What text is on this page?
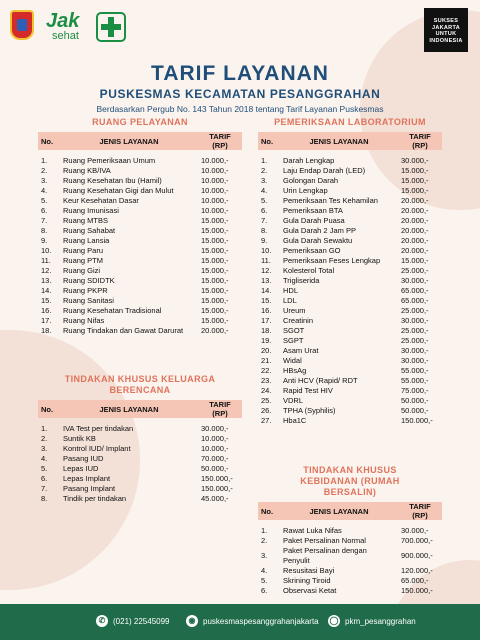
Jak
sehat
SUKSES
JAKARTA
UNTUK
INDONESIA
TARIF LAYANAN
PUSKESMAS KECAMATAN PESANGGRAHAN
Berdasarkan Pergub No. 143 Tahun 2018 tentang Tarif Layanan Puskesmas
RUANG PELAYANAN
No.	JENIS LAYANAN	TARIF (RP)
1.	Ruang Pemeriksaan Umum	10.000,-
2.	Ruang KB/IVA	10.000,-
3.	Ruang Kesehatan Ibu (Hamil)	10.000,-
4.	Ruang Kesehatan Gigi dan Mulut	10.000,-
5.	Keur Kesehatan Dasar	10.000,-
6.	Ruang Imunisasi	10.000,-
7.	Ruang MTBS	15.000,-
8.	Ruang Sahabat	15.000,-
9.	Ruang Lansia	15.000,-
10.	Ruang Paru	15.000,-
11.	Ruang PTM	15.000,-
12.	Ruang Gizi	15.000,-
13.	Ruang SDIDTK	15.000,-
14.	Ruang PKPR	15.000,-
15.	Ruang Sanitasi	15.000,-
16.	Ruang Kesehatan Tradisional	15.000,-
17.	Ruang Nifas	15.000,-
18.	Ruang Tindakan dan Gawat Darurat	20.000,-
TINDAKAN KHUSUS KELUARGA BERENCANA
No.	JENIS LAYANAN	TARIF (RP)
1.	IVA Test per tindakan	30.000,-
2.	Suntik KB	10.000,-
3.	Kontrol IUD/ Implant	10.000,-
4.	Pasang IUD	70.000,-
5.	Lepas IUD	50.000,-
6.	Lepas Implant	150.000,-
7.	Pasang Implant	150.000,-
8.	Tindik per tindakan	45.000,-
PEMERIKSAAN LABORATORIUM
No.	JENIS LAYANAN	TARIF (RP)
1.	Darah Lengkap	30.000,-
2.	Laju Endap Darah (LED)	15.000,-
3.	Golongan Darah	15.000,-
4.	Urin Lengkap	15.000,-
5.	Pemeriksaan Tes Kehamilan	20.000,-
6.	Pemeriksaan BTA	20.000,-
7.	Gula Darah Puasa	20.000,-
8.	Gula Darah 2 Jam PP	20.000,-
9.	Gula Darah Sewaktu	20.000,-
10.	Pemeriksaan GO	20.000,-
11.	Pemeriksaan Feses Lengkap	15.000,-
12.	Kolesterol Total	25.000,-
13.	Trigliserida	30.000,-
14.	HDL	65.000,-
15.	LDL	65.000,-
16.	Ureum	25.000,-
17.	Creatinin	30.000,-
18.	SGOT	25.000,-
19.	SGPT	25.000,-
20.	Asam Urat	30.000,-
21.	Widal	30.000,-
22.	HBsAg	55.000,-
23.	Anti HCV (Rapid/ RDT	55.000,-
24.	Rapid Test HIV	75.000,-
25.	VDRL	50.000,-
26.	TPHA (Syphilis)	50.000,-
27.	Hba1C	150.000,-
TINDAKAN KHUSUS KEBIDANAN (RUMAH BERSALIN)
No.	JENIS LAYANAN	TARIF (RP)
1.	Rawat Luka Nifas	30.000,-
2.	Paket Persalinan Normal	700.000,-
3.	Paket Persalinan dengan Penyulit	900.000,-
4.	Resusitasi Bayi	120.000,-
5.	Skrining Tiroid	65.000,-
6.	Observasi Ketat	150.000,-
✆ (021) 22545099	◉ puskesmaspesanggrahanjakarta ◯ pkm_pesanggrahan
